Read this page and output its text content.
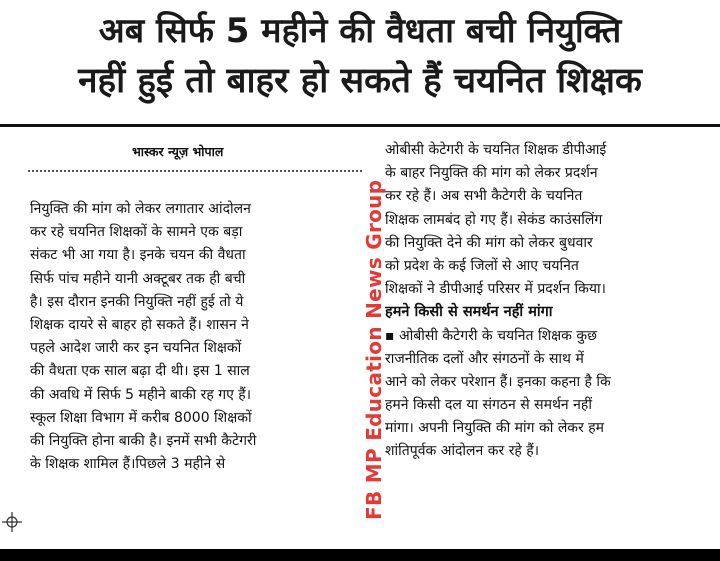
अब सिर्फ 5 महीने की वैधता बची नियुक्ति
नहीं हुई तो बाहर हो सकते हैं चयनित शिक्षक
भास्कर न्यूज़ भोपाल
नियुक्ति की मांग को लेकर लगातार आंदोलन
कर रहे चयनित शिक्षकों के सामने एक बड़ा
संकट भी आ गया है। इनके चयन की वैधता
सिर्फ पांच महीने यानी अक्टूबर तक ही बची
है। इस दौरान इनकी नियुक्ति नहीं हुई तो ये
शिक्षक दायरे से बाहर हो सकते हैं। शासन ने
पहले आदेश जारी कर इन चयनित शिक्षकों
की वैधता एक साल बढ़ा दी थी। इस 1 साल
की अवधि में सिर्फ 5 महीने बाकी रह गए हैं।
स्कूल शिक्षा विभाग में करीब 8000 शिक्षकों
की नियुक्ति होना बाकी है। इनमें सभी कैटेगरी
के शिक्षक शामिल हैं।पिछले 3 महीने से
ओबीसी केटेगरी के चयनित शिक्षक डीपीआई
के बाहर नियुक्ति की मांग को लेकर प्रदर्शन
कर रहे हैं। अब सभी कैटेगरी के चयनित
शिक्षक लामबंद हो गए हैं। सेकंड काउंसलिंग
की नियुक्ति देने की मांग को लेकर बुधवार
को प्रदेश के कई जिलों से आए चयनित
शिक्षकों ने डीपीआई परिसर में प्रदर्शन किया।
हमने किसी से समर्थन नहीं मांगा
▪ ओबीसी कैटेगरी के चयनित शिक्षक कुछ
राजनीतिक दलों और संगठनों के साथ में
आने को लेकर परेशान हैं। इनका कहना है कि
हमने किसी दल या संगठन से समर्थन नहीं
मांगा। अपनी नियुक्ति की मांग को लेकर हम
शांतिपूर्वक आंदोलन कर रहे हैं।
FB MP Education News Group
